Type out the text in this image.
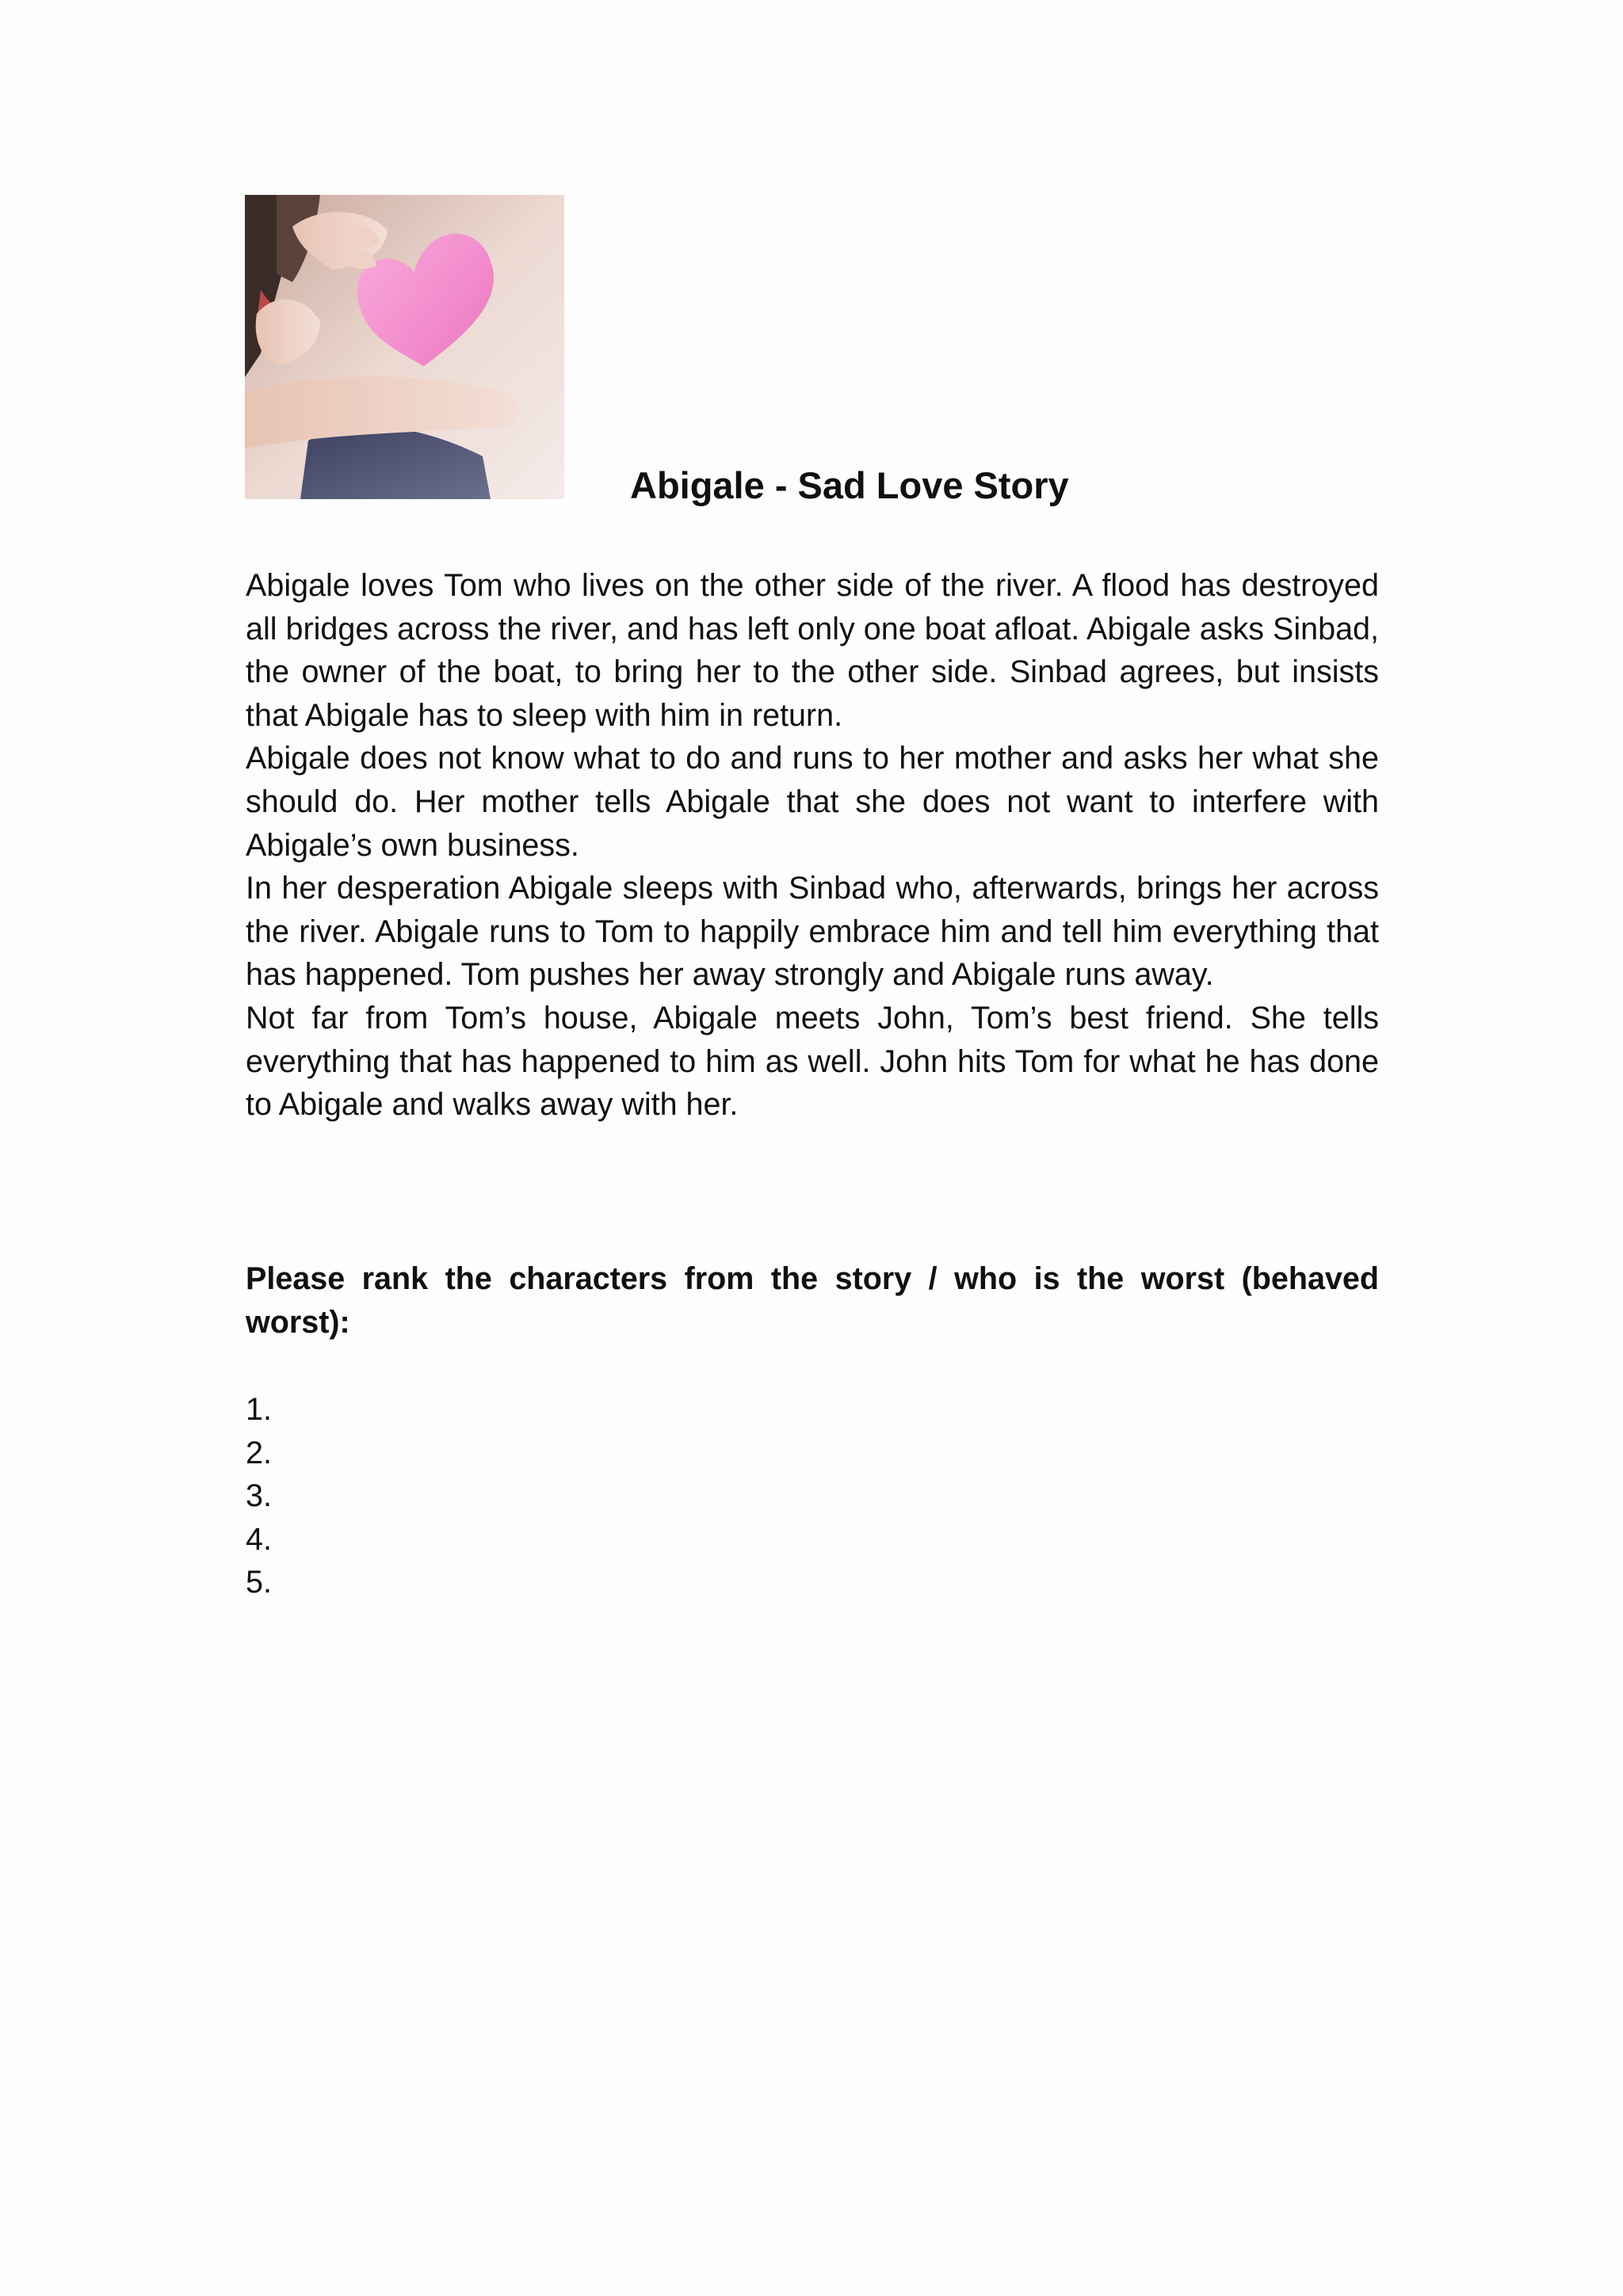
Abigale - Sad Love Story

Abigale loves Tom who lives on the other side of the river. A flood has destroyed all bridges across the river, and has left only one boat afloat. Abigale asks Sinbad, the owner of the boat, to bring her to the other side. Sinbad agrees, but insists that Abigale has to sleep with him in return.

Abigale does not know what to do and runs to her mother and asks her what she should do. Her mother tells Abigale that she does not want to interfere with Abigale’s own business.

In her desperation Abigale sleeps with Sinbad who, afterwards, brings her across the river. Abigale runs to Tom to happily embrace him and tell him everything that has happened. Tom pushes her away strongly and Abigale runs away.

Not far from Tom’s house, Abigale meets John, Tom’s best friend. She tells everything that has happened to him as well. John hits Tom for what he has done to Abigale and walks away with her.

Please rank the characters from the story / who is the worst (behaved worst):

1.
2.
3.
4.
5.
